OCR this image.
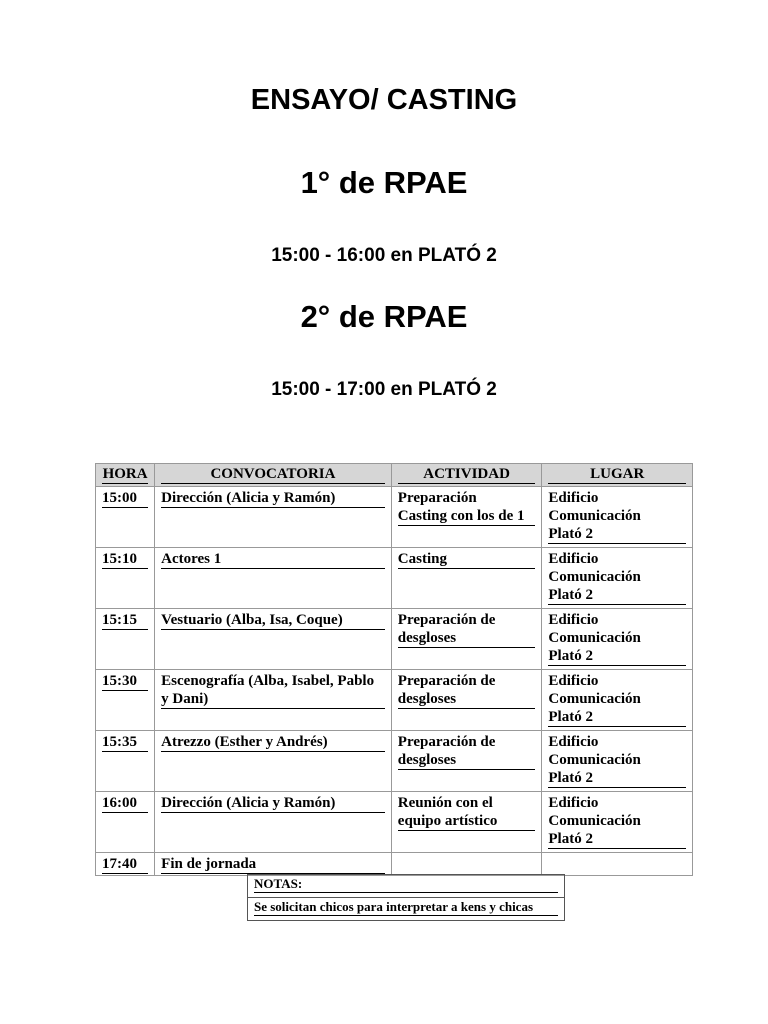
ENSAYO/ CASTING
1° de RPAE
15:00 - 16:00 en PLATÓ 2
2° de RPAE
15:00 - 17:00 en PLATÓ 2
HORA	CONVOCATORIA	ACTIVIDAD	LUGAR

15:00	Dirección (Alicia y Ramón)	Preparación
Casting con los de 1	Edificio
Comunicación
Plató 2

15:10	Actores 1	Casting	Edificio
Comunicación
Plató 2

15:15	Vestuario (Alba, Isa, Coque)	Preparación de
desgloses	Edificio
Comunicación
Plató 2

15:30	Escenografía (Alba, Isabel, Pablo y Dani)	Preparación de
desgloses	Edificio
Comunicación
Plató 2

15:35	Atrezzo (Esther y Andrés)	Preparación de
desgloses	Edificio
Comunicación
Plató 2

16:00	Dirección (Alicia y Ramón)	Reunión con el
equipo artístico	Edificio
Comunicación
Plató 2

17:40	Fin de jornada		

NOTAS:

Se solicitan chicos para interpretar a kens y chicas
